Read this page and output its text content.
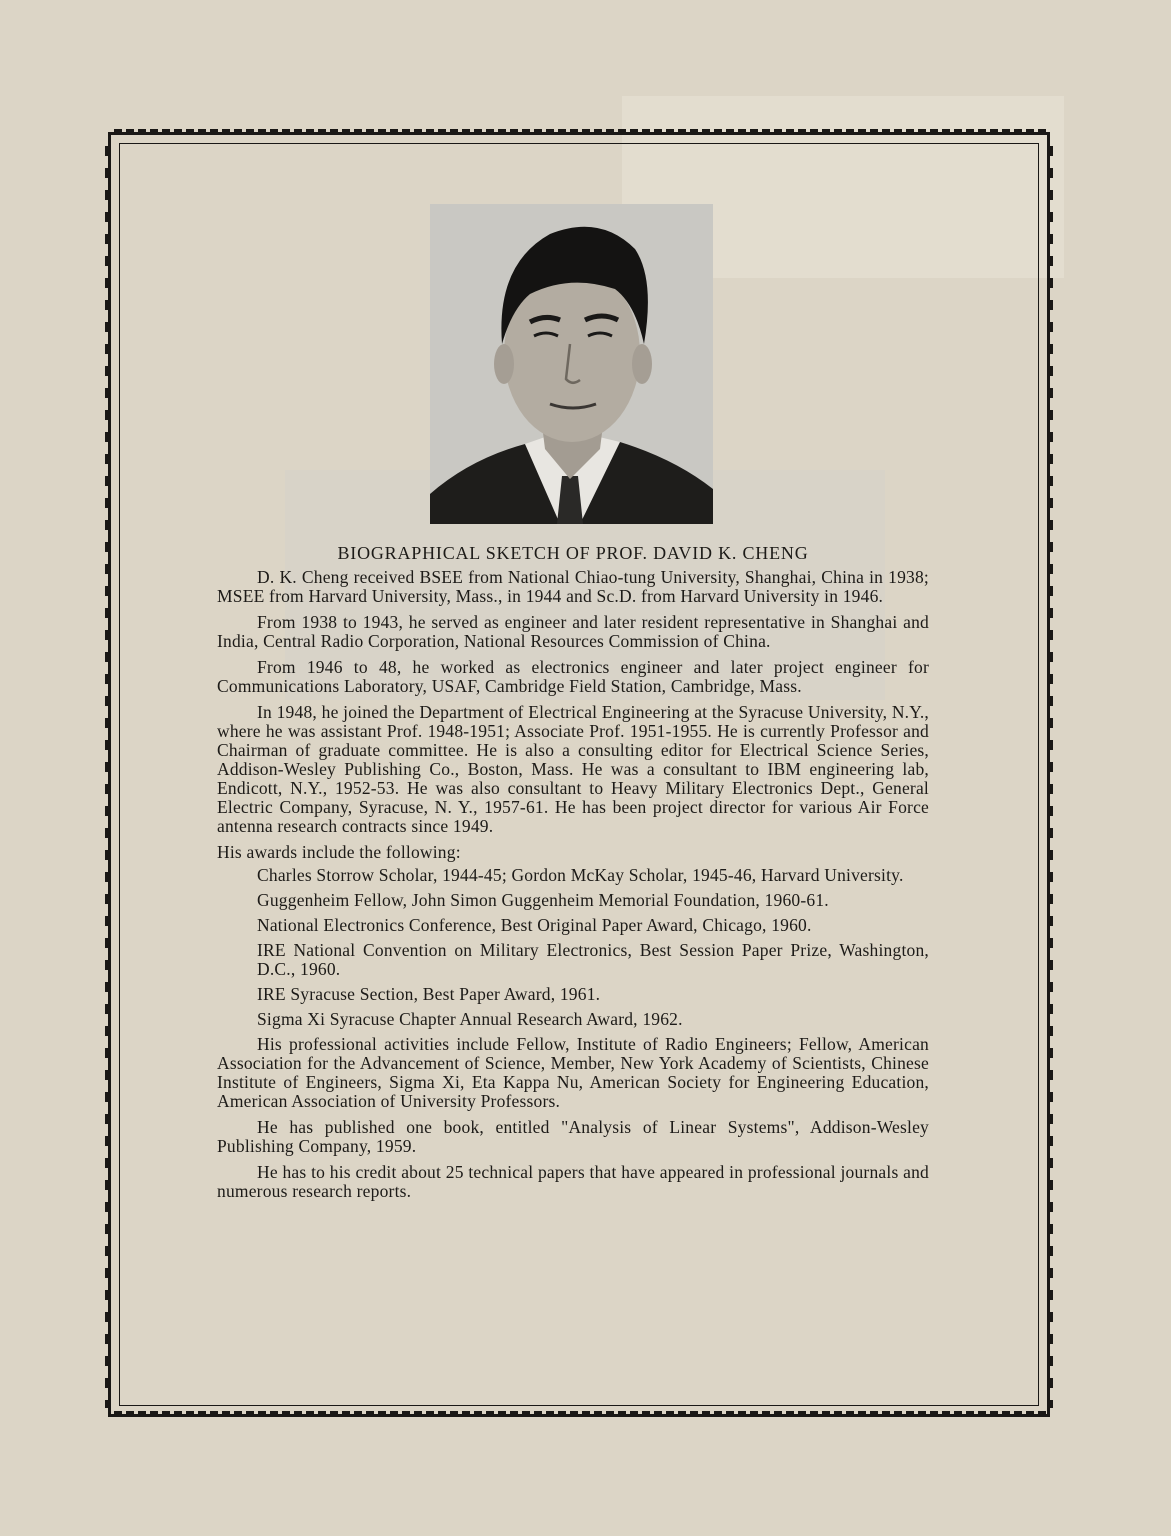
BIOGRAPHICAL SKETCH OF PROF. DAVID K. CHENG

D. K. Cheng received BSEE from National Chiao-tung University, Shanghai, China in 1938; MSEE from Harvard University, Mass., in 1944 and Sc.D. from Harvard University in 1946.

From 1938 to 1943, he served as engineer and later resident representative in Shanghai and India, Central Radio Corporation, National Resources Commission of China.

From 1946 to 48, he worked as electronics engineer and later project engineer for Communications Laboratory, USAF, Cambridge Field Station, Cambridge, Mass.

In 1948, he joined the Department of Electrical Engineering at the Syracuse University, N.Y., where he was assistant Prof. 1948-1951; Associate Prof. 1951-1955. He is currently Professor and Chairman of graduate committee. He is also a consulting editor for Electrical Science Series, Addison-Wesley Publishing Co., Boston, Mass. He was a consultant to IBM engineering lab, Endicott, N.Y., 1952-53. He was also consultant to Heavy Military Electronics Dept., General Electric Company, Syracuse, N. Y., 1957-61. He has been project director for various Air Force antenna research contracts since 1949.

His awards include the following:

Charles Storrow Scholar, 1944-45; Gordon McKay Scholar, 1945-46, Harvard University.

Guggenheim Fellow, John Simon Guggenheim Memorial Foundation, 1960-61.

National Electronics Conference, Best Original Paper Award, Chicago, 1960.

IRE National Convention on Military Electronics, Best Session Paper Prize, Washington, D.C., 1960.

IRE Syracuse Section, Best Paper Award, 1961.

Sigma Xi Syracuse Chapter Annual Research Award, 1962.

His professional activities include Fellow, Institute of Radio Engineers; Fellow, American Association for the Advancement of Science, Member, New York Academy of Scientists, Chinese Institute of Engineers, Sigma Xi, Eta Kappa Nu, American Society for Engineering Education, American Association of University Professors.

He has published one book, entitled "Analysis of Linear Systems", Addison-Wesley Publishing Company, 1959.

He has to his credit about 25 technical papers that have appeared in professional journals and numerous research reports.
